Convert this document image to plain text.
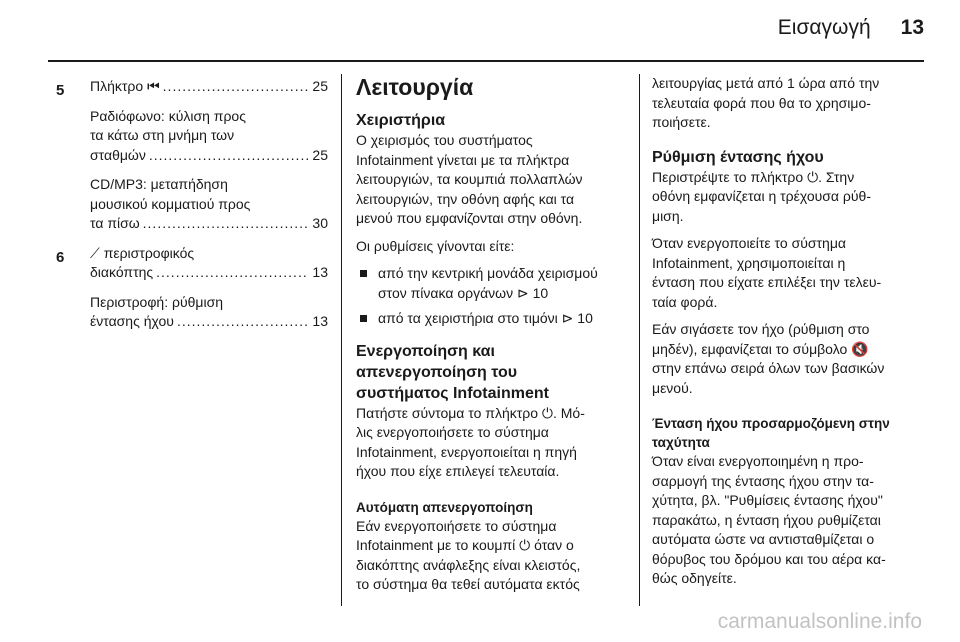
Εισαγωγή 13
5 Πλήκτρο ⏮ .....	25
Ραδιόφωνο: κύλιση προς
τα κάτω στη μνήμη των
σταθμών .....	25
CD/MP3: μεταπήδηση
μουσικού κομματιού προς
τα πίσω .....	30
6 ⟋ περιστροφικός
διακόπτης .....	13
Περιστροφή: ρύθμιση
έντασης ήχου .....	13
Λειτουργία
Χειριστήρια

Ο χειρισμός του συστήματος
Infotainment γίνεται με τα πλήκτρα
λειτουργιών, τα κουμπιά πολλαπλών
λειτουργιών, την οθόνη αφής και τα
μενού που εμφανίζονται στην οθόνη.

Οι ρυθμίσεις γίνονται είτε:

από την κεντρική μονάδα χειρισμού
στον πίνακα οργάνων ⊳ 10
από τα χειριστήρια στο τιμόνι ⊳ 10
Ενεργοποίηση και
απενεργοποίηση του
συστήματος Infotainment

Πατήστε σύντομα το πλήκτρο ⏻. Μό-
λις ενεργοποιήσετε το σύστημα
Infotainment, ενεργοποιείται η πηγή
ήχου που είχε επιλεγεί τελευταία.

Αυτόματη απενεργοποίηση

Εάν ενεργοποιήσετε το σύστημα
Infotainment με το κουμπί ⏻ όταν ο
διακόπτης ανάφλεξης είναι κλειστός,
το σύστημα θα τεθεί αυτόματα εκτός

λειτουργίας μετά από 1 ώρα από την
τελευταία φορά που θα το χρησιμο-
ποιήσετε.

Ρύθμιση έντασης ήχου

Περιστρέψτε το πλήκτρο ⏻. Στην
οθόνη εμφανίζεται η τρέχουσα ρύθ-
μιση.

Όταν ενεργοποιείτε το σύστημα
Infotainment, χρησιμοποιείται η
ένταση που είχατε επιλέξει την τελευ-
ταία φορά.

Εάν σιγάσετε τον ήχο (ρύθμιση στο
μηδέν), εμφανίζεται το σύμβολο 🔇
στην επάνω σειρά όλων των βασικών
μενού.

Ένταση ήχου προσαρμοζόμενη στην
ταχύτητα

Όταν είναι ενεργοποιημένη η προ-
σαρμογή της έντασης ήχου στην τα-
χύτητα, βλ. "Ρυθμίσεις έντασης ήχου"
παρακάτω, η ένταση ήχου ρυθμίζεται
αυτόματα ώστε να αντισταθμίζεται ο
θόρυβος του δρόμου και του αέρα κα-
θώς οδηγείτε.

carmanualsonline.info
